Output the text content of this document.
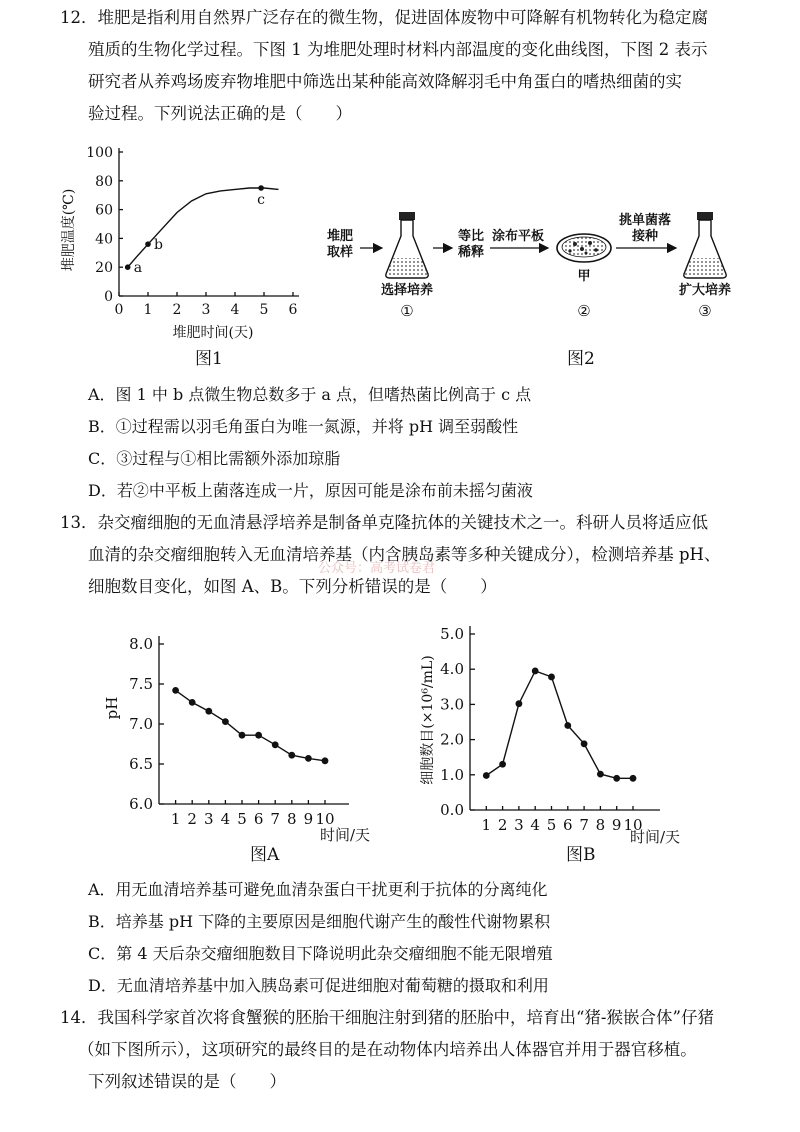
12．堆肥是指利用自然界广泛存在的微生物，促进固体废物中可降解有机物转化为稳定腐
殖质的生物化学过程。下图 1 为堆肥处理时材料内部温度的变化曲线图，下图 2 表示
研究者从养鸡场废弃物堆肥中筛选出某种能高效降解羽毛中角蛋白的嗜热细菌的实
验过程。下列说法正确的是（　　）
0 1 2 3 4 5 6
0
20
40
60
80
100
a
b
c
堆肥时间(天)
堆肥温度(℃)
图1
堆肥
取样
选择培养
①
等比
稀释
涂布平板
甲
②
挑单菌落
接种
扩大培养
③
图2
A．图 1 中 b 点微生物总数多于 a 点，但嗜热菌比例高于 c 点
B．①过程需以羽毛角蛋白为唯一氮源，并将 pH 调至弱酸性
C．③过程与①相比需额外添加琼脂
D．若②中平板上菌落连成一片，原因可能是涂布前未摇匀菌液
13．杂交瘤细胞的无血清悬浮培养是制备单克隆抗体的关键技术之一。科研人员将适应低
血清的杂交瘤细胞转入无血清培养基（内含胰岛素等多种关键成分），检测培养基 pH、
公众号：高考试卷君
细胞数目变化，如图 A、B。下列分析错误的是（　　）
1 2 3 4 5 6 7 8 9 10
6.0
6.5
7.0
7.5
8.0
时间/天
pH
图A
1 2 3 4 5 6 7 8 9 10
0.0
1.0
2.0
3.0
4.0
5.0
时间/天
细胞数目(×10⁶/mL)
图B
A．用无血清培养基可避免血清杂蛋白干扰更利于抗体的分离纯化
B．培养基 pH 下降的主要原因是细胞代谢产生的酸性代谢物累积
C．第 4 天后杂交瘤细胞数目下降说明此杂交瘤细胞不能无限增殖
D．无血清培养基中加入胰岛素可促进细胞对葡萄糖的摄取和利用
14．我国科学家首次将食蟹猴的胚胎干细胞注射到猪的胚胎中，培育出“猪-猴嵌合体”仔猪
（如下图所示），这项研究的最终目的是在动物体内培养出人体器官并用于器官移植。
下列叙述错误的是（　　）
